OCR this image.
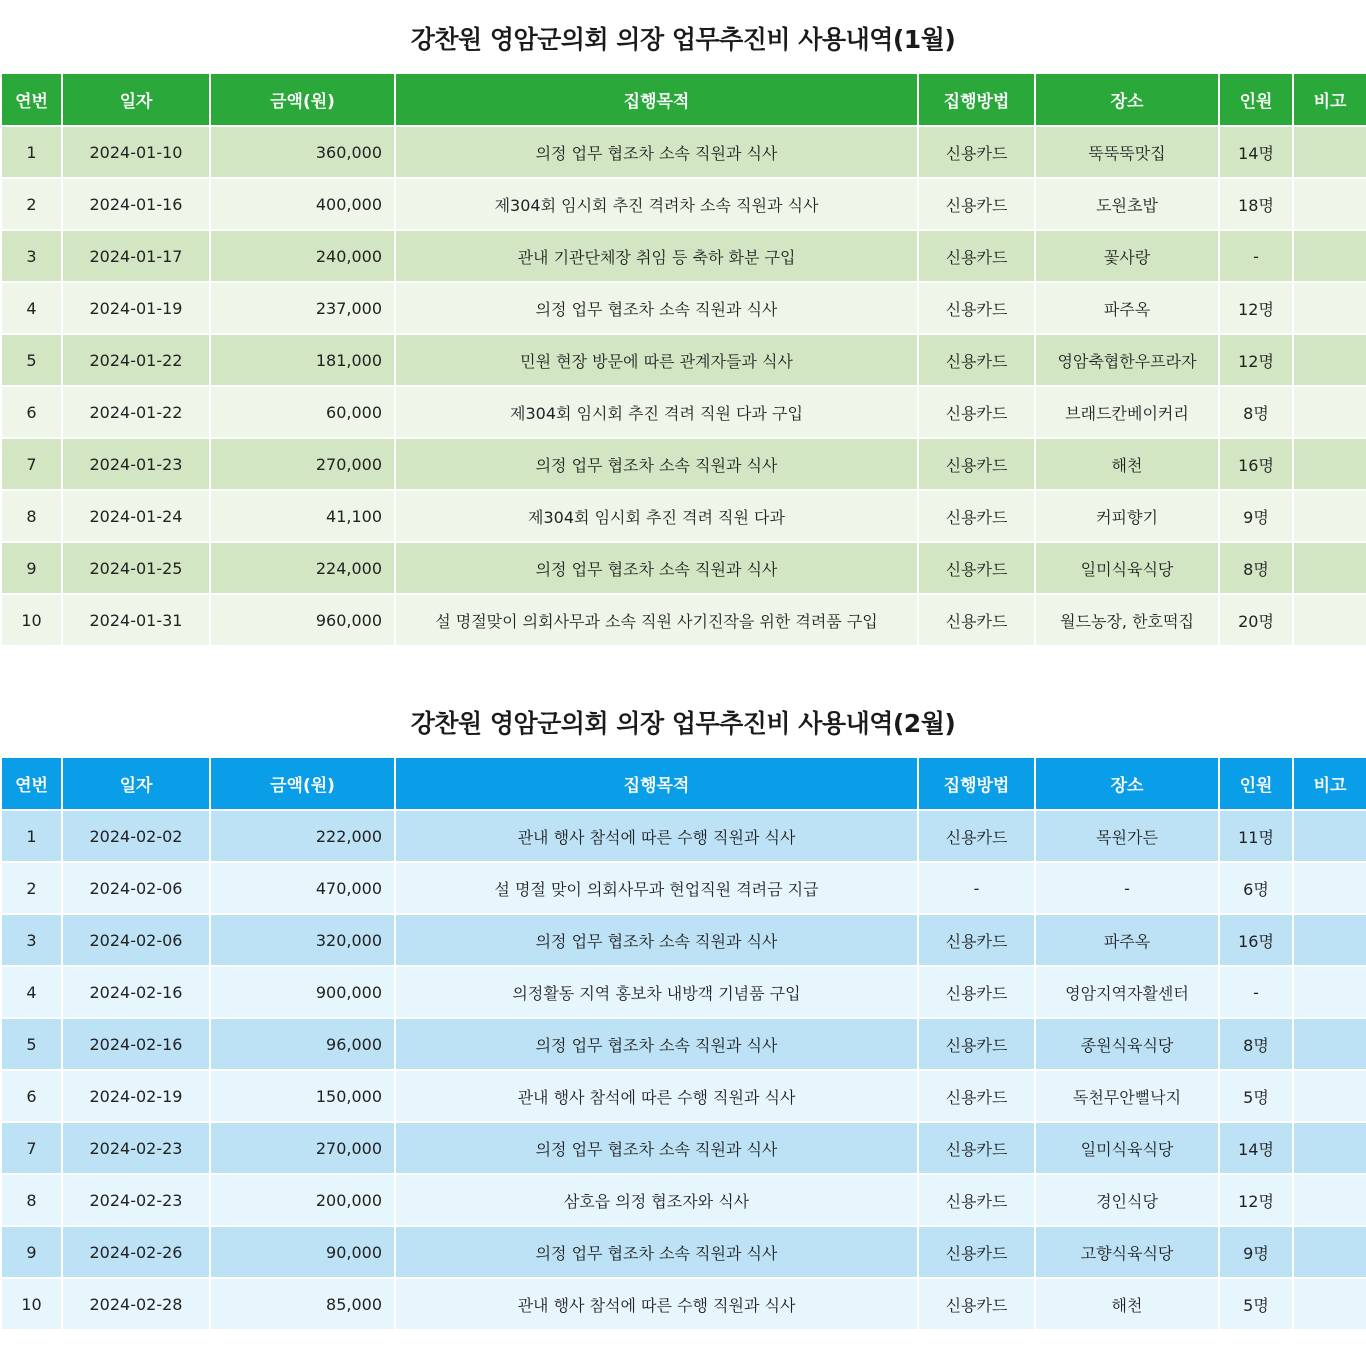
강찬원 영암군의회 의장 업무추진비 사용내역(1월)
연번	일자	금액(원)	집행목적	집행방법	장소	인원	비고
1	2024-01-10	360,000	의정 업무 협조차 소속 직원과 식사	신용카드	뚝뚝뚝맛집	14명	
2	2024-01-16	400,000	제304회 임시회 추진 격려차 소속 직원과 식사	신용카드	도원초밥	18명	
3	2024-01-17	240,000	관내 기관단체장 취임 등 축하 화분 구입	신용카드	꽃사랑	-	
4	2024-01-19	237,000	의정 업무 협조차 소속 직원과 식사	신용카드	파주옥	12명	
5	2024-01-22	181,000	민원 현장 방문에 따른 관계자들과 식사	신용카드	영암축협한우프라자	12명	
6	2024-01-22	60,000	제304회 임시회 추진 격려 직원 다과 구입	신용카드	브래드칸베이커리	8명	
7	2024-01-23	270,000	의정 업무 협조차 소속 직원과 식사	신용카드	해천	16명	
8	2024-01-24	41,100	제304회 임시회 추진 격려 직원 다과	신용카드	커피향기	9명	
9	2024-01-25	224,000	의정 업무 협조차 소속 직원과 식사	신용카드	일미식육식당	8명	
10	2024-01-31	960,000	설 명절맞이 의회사무과 소속 직원 사기진작을 위한 격려품 구입	신용카드	월드농장, 한호떡집	20명	
강찬원 영암군의회 의장 업무추진비 사용내역(2월)
연번	일자	금액(원)	집행목적	집행방법	장소	인원	비고
1	2024-02-02	222,000	관내 행사 참석에 따른 수행 직원과 식사	신용카드	목원가든	11명	
2	2024-02-06	470,000	설 명절 맞이 의회사무과 현업직원 격려금 지급	-	-	6명	
3	2024-02-06	320,000	의정 업무 협조차 소속 직원과 식사	신용카드	파주옥	16명	
4	2024-02-16	900,000	의정활동 지역 홍보차 내방객 기념품 구입	신용카드	영암지역자활센터	-	
5	2024-02-16	96,000	의정 업무 협조차 소속 직원과 식사	신용카드	종원식육식당	8명	
6	2024-02-19	150,000	관내 행사 참석에 따른 수행 직원과 식사	신용카드	독천무안뻘낙지	5명	
7	2024-02-23	270,000	의정 업무 협조차 소속 직원과 식사	신용카드	일미식육식당	14명	
8	2024-02-23	200,000	삼호읍 의정 협조자와 식사	신용카드	경인식당	12명	
9	2024-02-26	90,000	의정 업무 협조차 소속 직원과 식사	신용카드	고향식육식당	9명	
10	2024-02-28	85,000	관내 행사 참석에 따른 수행 직원과 식사	신용카드	해천	5명	
